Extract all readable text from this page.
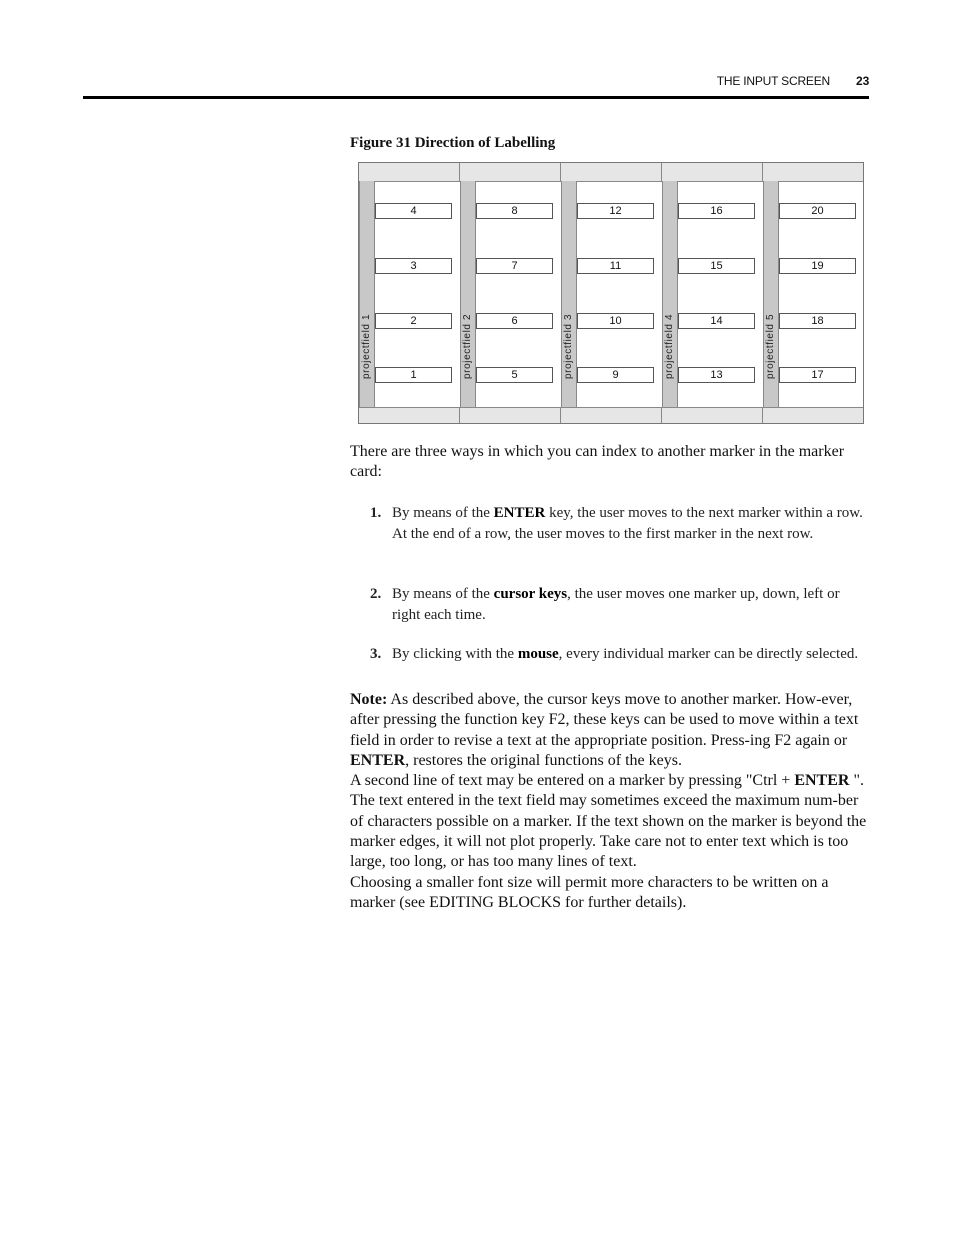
THE INPUT SCREEN 23
Figure 31 Direction of Labelling
projectfield 1
4
3
2
1	projectfield 2
8
7
6
5	projectfield 3
12
11
10
9	projectfield 4
16
15
14
13	projectfield 5
20
19
18
17
There are three ways in which you can index to another marker in the marker card:
1. By means of the ENTER key, the user moves to the next marker within a row. At the end of a row, the user moves to the first marker in the next row.
2. By means of the cursor keys, the user moves one marker up, down, left or right each time.
3. By clicking with the mouse, every individual marker can be directly selected.

Note: As described above, the cursor keys move to another marker. How-ever, after pressing the function key F2, these keys can be used to move within a text field in order to revise a text at the appropriate position. Press-ing F2 again or ENTER, restores the original functions of the keys.

A second line of text may be entered on a marker by pressing "Ctrl + ENTER ".

The text entered in the text field may sometimes exceed the maximum num-ber of characters possible on a marker. If the text shown on the marker is beyond the marker edges, it will not plot properly. Take care not to enter text which is too large, too long, or has too many lines of text.

Choosing a smaller font size will permit more characters to be written on a marker (see EDITING BLOCKS for further details).
